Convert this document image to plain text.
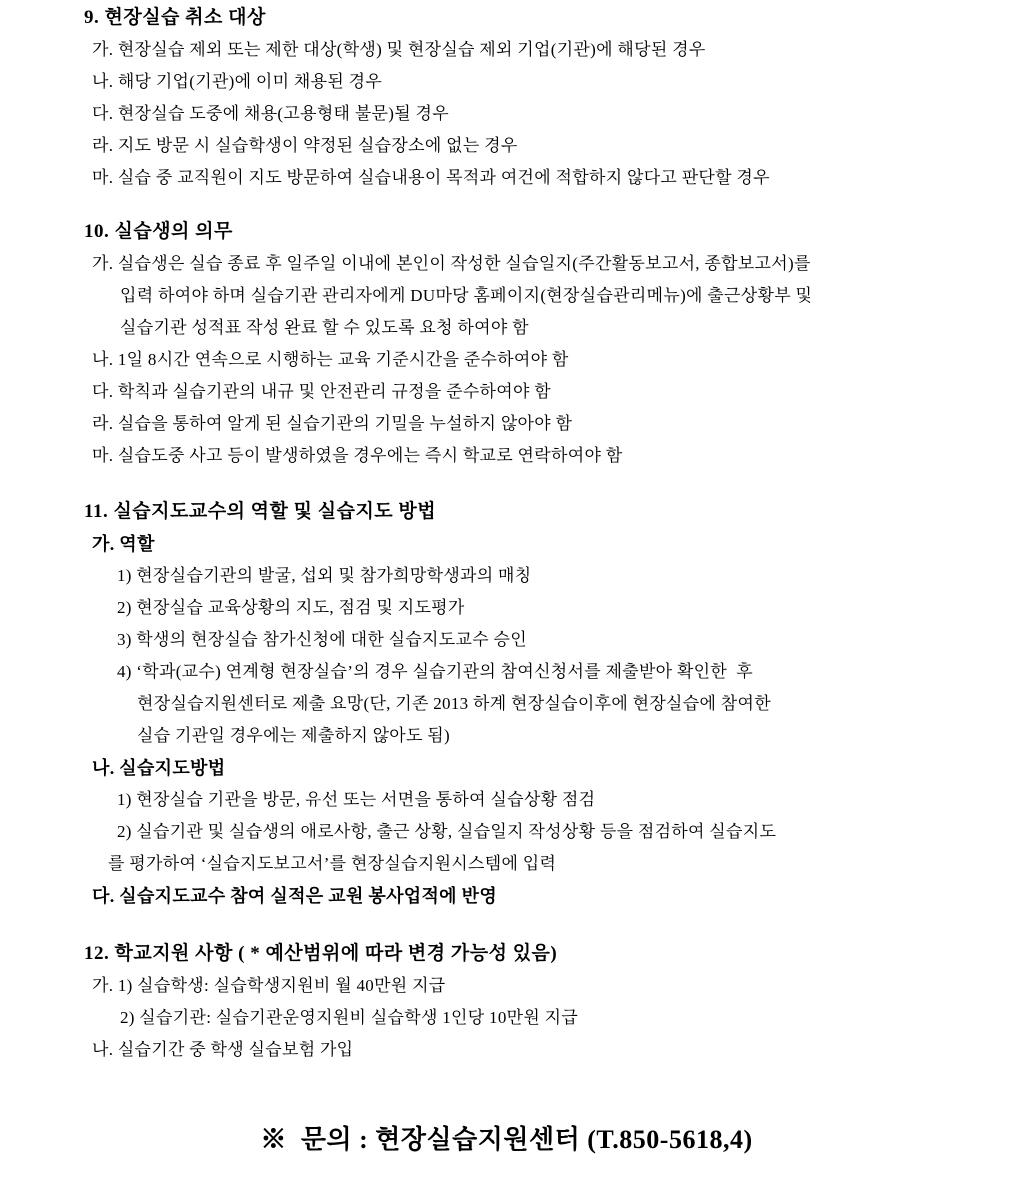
9. 현장실습 취소 대상
가. 현장실습 제외 또는 제한 대상(학생) 및 현장실습 제외 기업(기관)에 해당된 경우
나. 해당 기업(기관)에 이미 채용된 경우
다. 현장실습 도중에 채용(고용형태 불문)될 경우
라. 지도 방문 시 실습학생이 약정된 실습장소에 없는 경우
마. 실습 중 교직원이 지도 방문하여 실습내용이 목적과 여건에 적합하지 않다고 판단할 경우
10. 실습생의 의무
가. 실습생은 실습 종료 후 일주일 이내에 본인이 작성한 실습일지(주간활동보고서, 종합보고서)를
입력 하여야 하며 실습기관 관리자에게 DU마당 홈페이지(현장실습관리메뉴)에 출근상황부 및
실습기관 성적표 작성 완료 할 수 있도록 요청 하여야 함
나. 1일 8시간 연속으로 시행하는 교육 기준시간을 준수하여야 함
다. 학칙과 실습기관의 내규 및 안전관리 규정을 준수하여야 함
라. 실습을 통하여 알게 된 실습기관의 기밀을 누설하지 않아야 함
마. 실습도중 사고 등이 발생하였을 경우에는 즉시 학교로 연락하여야 함
11. 실습지도교수의 역할 및 실습지도 방법
가. 역할
1) 현장실습기관의 발굴, 섭외 및 참가희망학생과의 매칭
2) 현장실습 교육상황의 지도, 점검 및 지도평가
3) 학생의 현장실습 참가신청에 대한 실습지도교수 승인
4) ‘학과(교수) 연계형 현장실습’의 경우 실습기관의 참여신청서를 제출받아 확인한  후
현장실습지원센터로 제출 요망(단, 기존 2013 하계 현장실습이후에 현장실습에 참여한
실습 기관일 경우에는 제출하지 않아도 됨)
나. 실습지도방법
1) 현장실습 기관을 방문, 유선 또는 서면을 통하여 실습상황 점검
2) 실습기관 및 실습생의 애로사항, 출근 상황, 실습일지 작성상황 등을 점검하여 실습지도
를 평가하여 ‘실습지도보고서’를 현장실습지원시스템에 입력
다. 실습지도교수 참여 실적은 교원 봉사업적에 반영
12. 학교지원 사항 ( * 예산범위에 따라 변경 가능성 있음)
가. 1) 실습학생: 실습학생지원비 월 40만원 지급
2) 실습기관: 실습기관운영지원비 실습학생 1인당 10만원 지급
나. 실습기간 중 학생 실습보험 가입
※  문의 : 현장실습지원센터 (T.850-5618,4)
